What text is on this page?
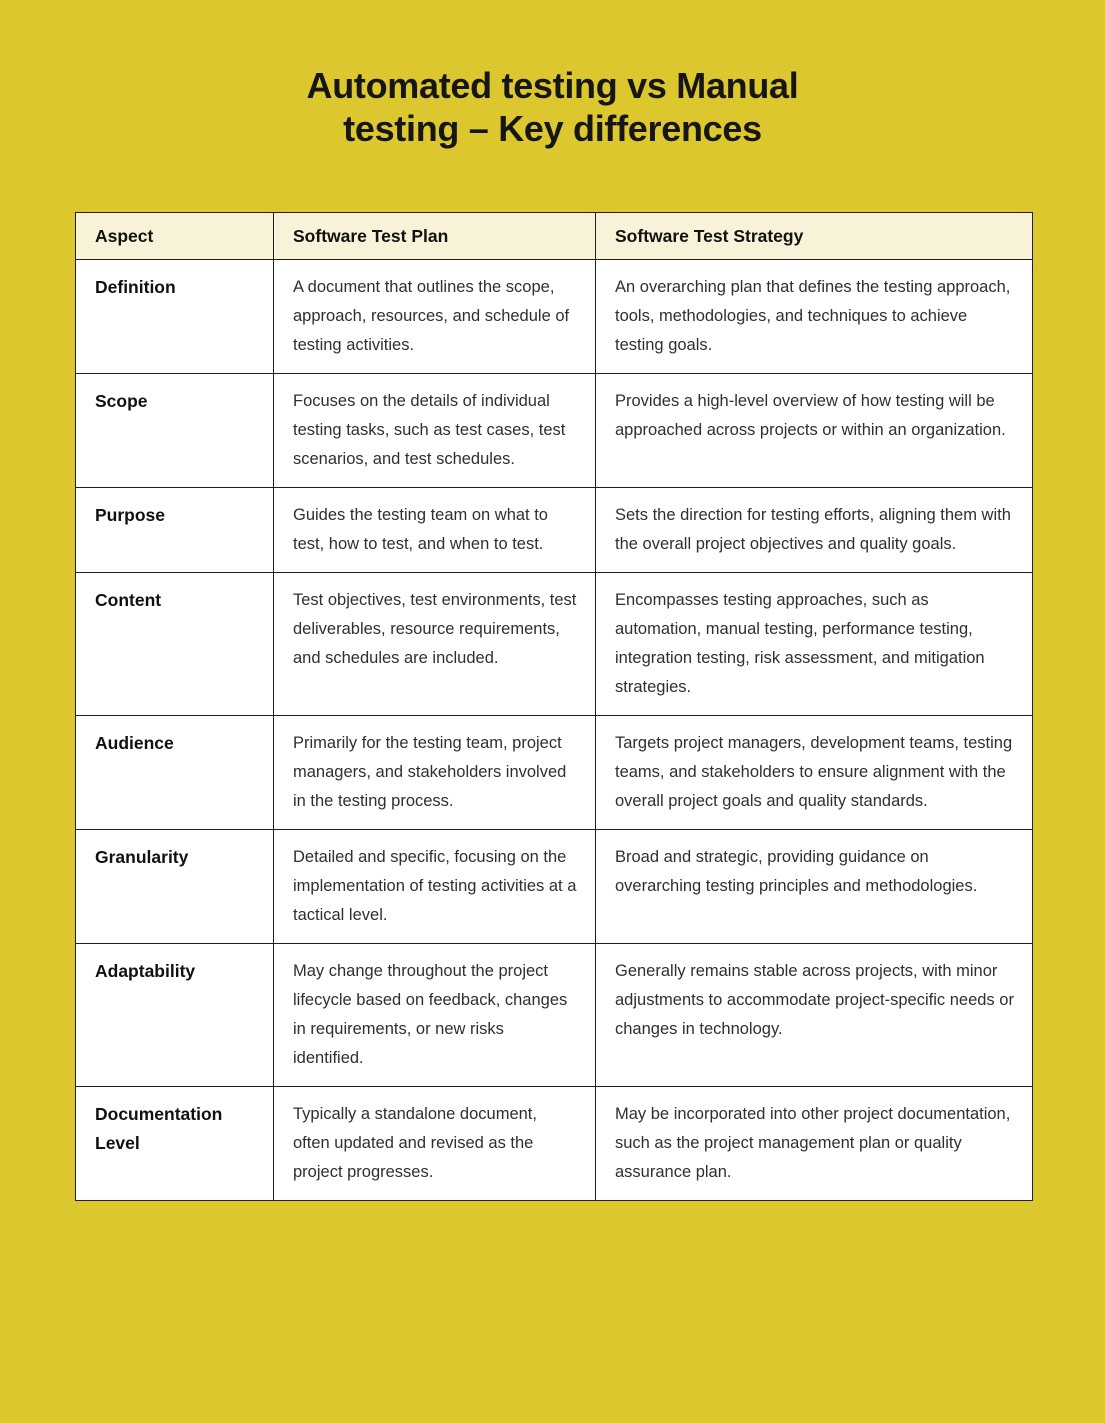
Automated testing vs Manual
testing – Key differences
Aspect	Software Test Plan	Software Test Strategy
Definition	A document that outlines the scope, approach, resources, and schedule of testing activities.	An overarching plan that defines the testing approach, tools, methodologies, and techniques to achieve testing goals.
Scope	Focuses on the details of individual testing tasks, such as test cases, test scenarios, and test schedules.	Provides a high-level overview of how testing will be approached across projects or within an organization.
Purpose	Guides the testing team on what to test, how to test, and when to test.	Sets the direction for testing efforts, aligning them with the overall project objectives and quality goals.
Content	Test objectives, test environments, test deliverables, resource requirements, and schedules are included.	Encompasses testing approaches, such as automation, manual testing, performance testing, integration testing, risk assessment, and mitigation strategies.
Audience	Primarily for the testing team, project managers, and stakeholders involved in the testing process.	Targets project managers, development teams, testing teams, and stakeholders to ensure alignment with the overall project goals and quality standards.
Granularity	Detailed and specific, focusing on the implementation of testing activities at a tactical level.	Broad and strategic, providing guidance on overarching testing principles and methodologies.
Adaptability	May change throughout the project lifecycle based on feedback, changes in requirements, or new risks identified.	Generally remains stable across projects, with minor adjustments to accommodate project-specific needs or changes in technology.
Documentation Level	Typically a standalone document, often updated and revised as the project progresses.	May be incorporated into other project documentation, such as the project management plan or quality assurance plan.
